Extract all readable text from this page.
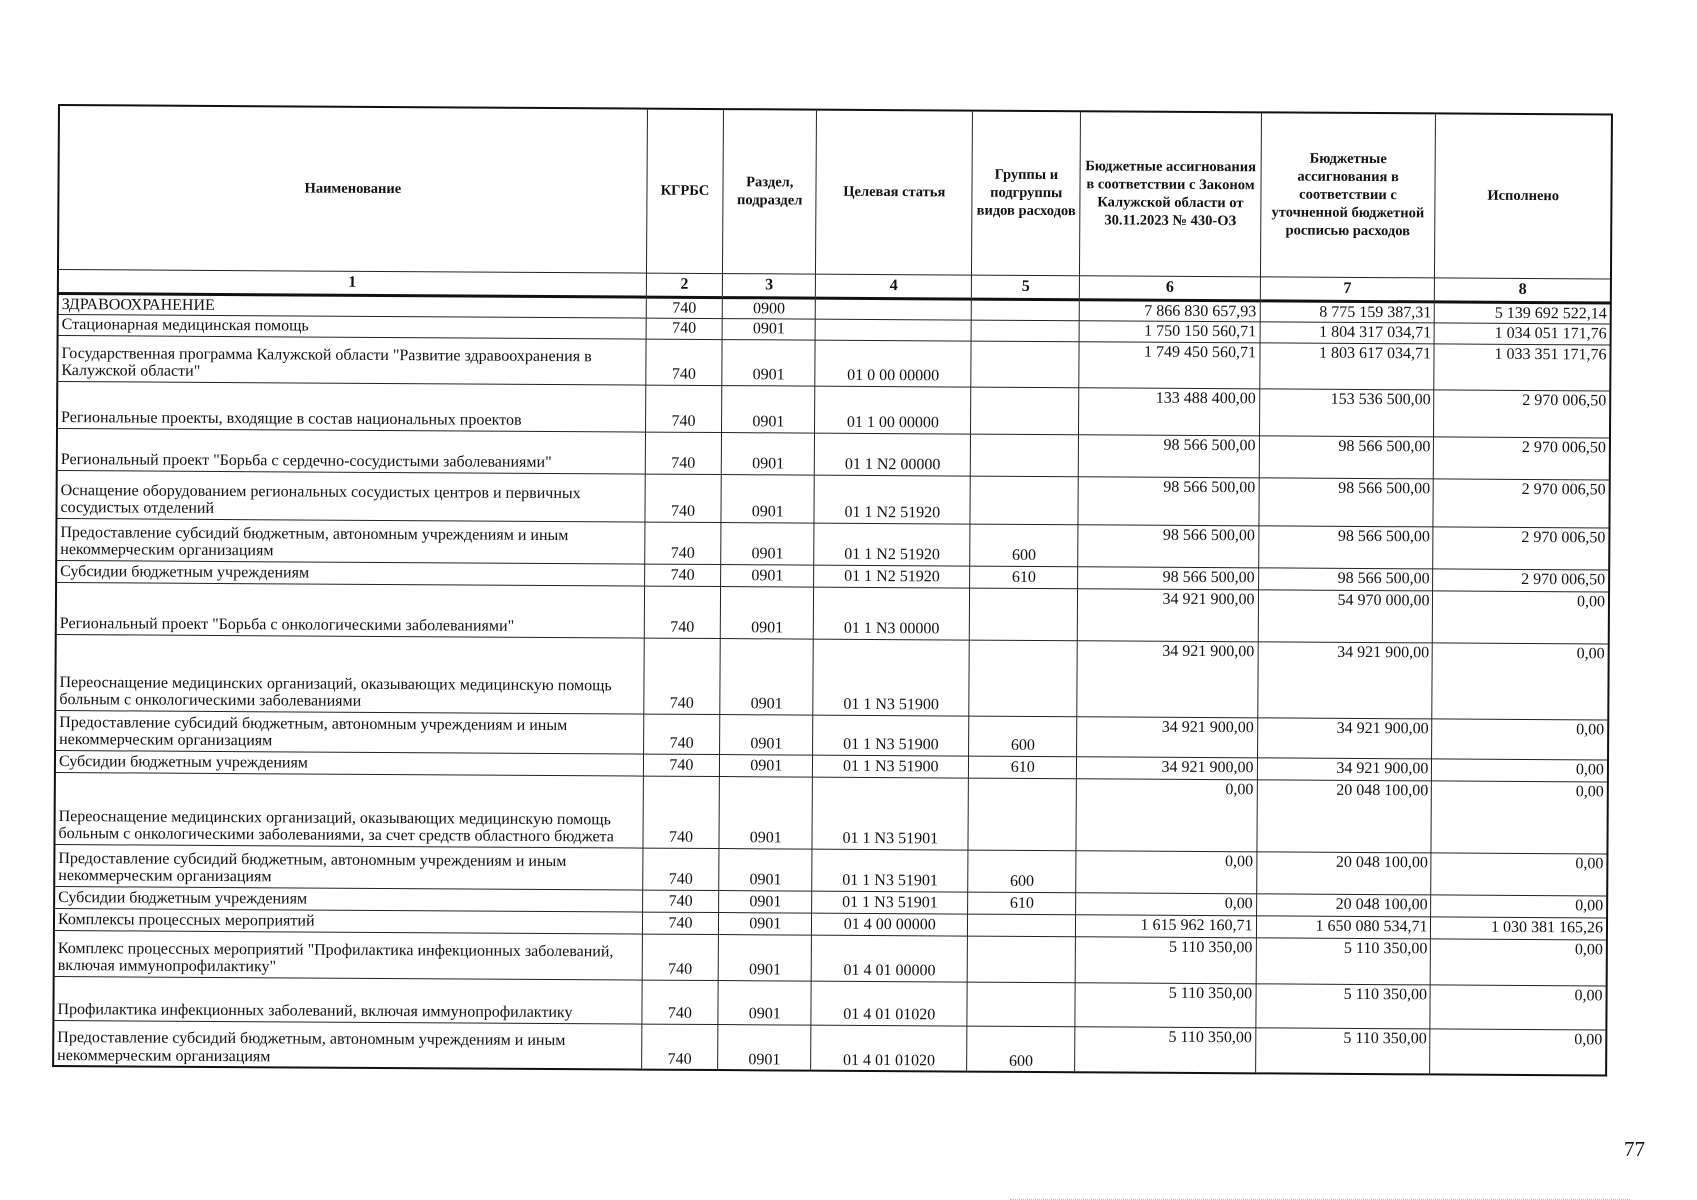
Наименование	КГРБС	Раздел, подраздел	Целевая статья	Группы и подгруппы видов расходов	Бюджетные ассигнования в соответствии с Законом Калужской области от 30.11.2023 № 430-ОЗ	Бюджетные ассигнования в соответствии с уточненной бюджетной росписью расходов	Исполнено
1	2	3	4	5	6	7	8
ЗДРАВООХРАНЕНИЕ	740	0900			7 866 830 657,93	8 775 159 387,31	5 139 692 522,14
Стационарная медицинская помощь	740	0901			1 750 150 560,71	1 804 317 034,71	1 034 051 171,76
Государственная программа Калужской области "Развитие здравоохранения в Калужской области"	740	0901	01 0 00 00000		1 749 450 560,71	1 803 617 034,71	1 033 351 171,76
Региональные проекты, входящие в состав национальных проектов	740	0901	01 1 00 00000		133 488 400,00	153 536 500,00	2 970 006,50
Региональный проект "Борьба с сердечно-сосудистыми заболеваниями"	740	0901	01 1 N2 00000		98 566 500,00	98 566 500,00	2 970 006,50
Оснащение оборудованием региональных сосудистых центров и первичных сосудистых отделений	740	0901	01 1 N2 51920		98 566 500,00	98 566 500,00	2 970 006,50
Предоставление субсидий бюджетным, автономным учреждениям и иным некоммерческим организациям	740	0901	01 1 N2 51920	600	98 566 500,00	98 566 500,00	2 970 006,50
Субсидии бюджетным учреждениям	740	0901	01 1 N2 51920	610	98 566 500,00	98 566 500,00	2 970 006,50
Региональный проект "Борьба с онкологическими заболеваниями"	740	0901	01 1 N3 00000		34 921 900,00	54 970 000,00	0,00
Переоснащение медицинских организаций, оказывающих медицинскую помощь больным с онкологическими заболеваниями	740	0901	01 1 N3 51900		34 921 900,00	34 921 900,00	0,00
Предоставление субсидий бюджетным, автономным учреждениям и иным некоммерческим организациям	740	0901	01 1 N3 51900	600	34 921 900,00	34 921 900,00	0,00
Субсидии бюджетным учреждениям	740	0901	01 1 N3 51900	610	34 921 900,00	34 921 900,00	0,00
Переоснащение медицинских организаций, оказывающих медицинскую помощь больным с онкологическими заболеваниями, за счет средств областного бюджета	740	0901	01 1 N3 51901		0,00	20 048 100,00	0,00
Предоставление субсидий бюджетным, автономным учреждениям и иным некоммерческим организациям	740	0901	01 1 N3 51901	600	0,00	20 048 100,00	0,00
Субсидии бюджетным учреждениям	740	0901	01 1 N3 51901	610	0,00	20 048 100,00	0,00
Комплексы процессных мероприятий	740	0901	01 4 00 00000		1 615 962 160,71	1 650 080 534,71	1 030 381 165,26
Комплекс процессных мероприятий "Профилактика инфекционных заболеваний, включая иммунопрофилактику"	740	0901	01 4 01 00000		5 110 350,00	5 110 350,00	0,00
Профилактика инфекционных заболеваний, включая иммунопрофилактику	740	0901	01 4 01 01020		5 110 350,00	5 110 350,00	0,00
Предоставление субсидий бюджетным, автономным учреждениям и иным некоммерческим организациям	740	0901	01 4 01 01020	600	5 110 350,00	5 110 350,00	0,00
77
